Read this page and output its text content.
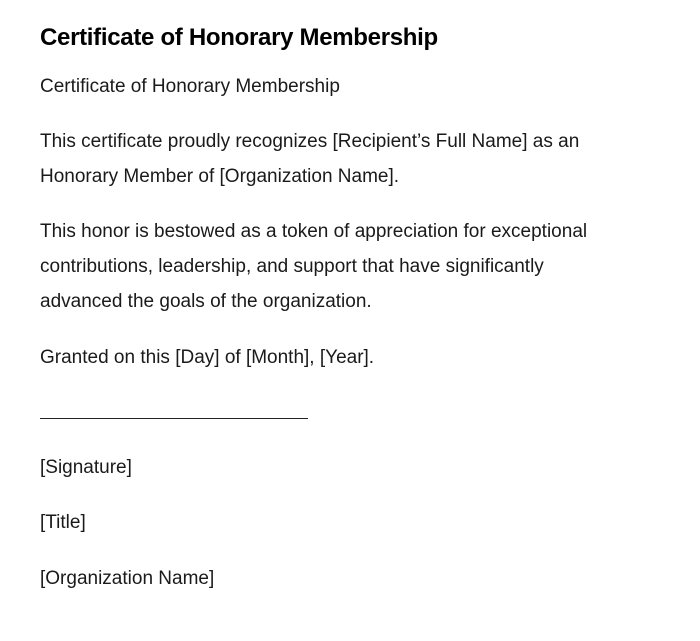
Certificate of Honorary Membership

Certificate of Honorary Membership

This certificate proudly recognizes [Recipient’s Full Name] as an Honorary Member of [Organization Name].

This honor is bestowed as a token of appreciation for exceptional contributions, leadership, and support that have significantly advanced the goals of the organization.

Granted on this [Day] of [Month], [Year].

[Signature]

[Title]

[Organization Name]
